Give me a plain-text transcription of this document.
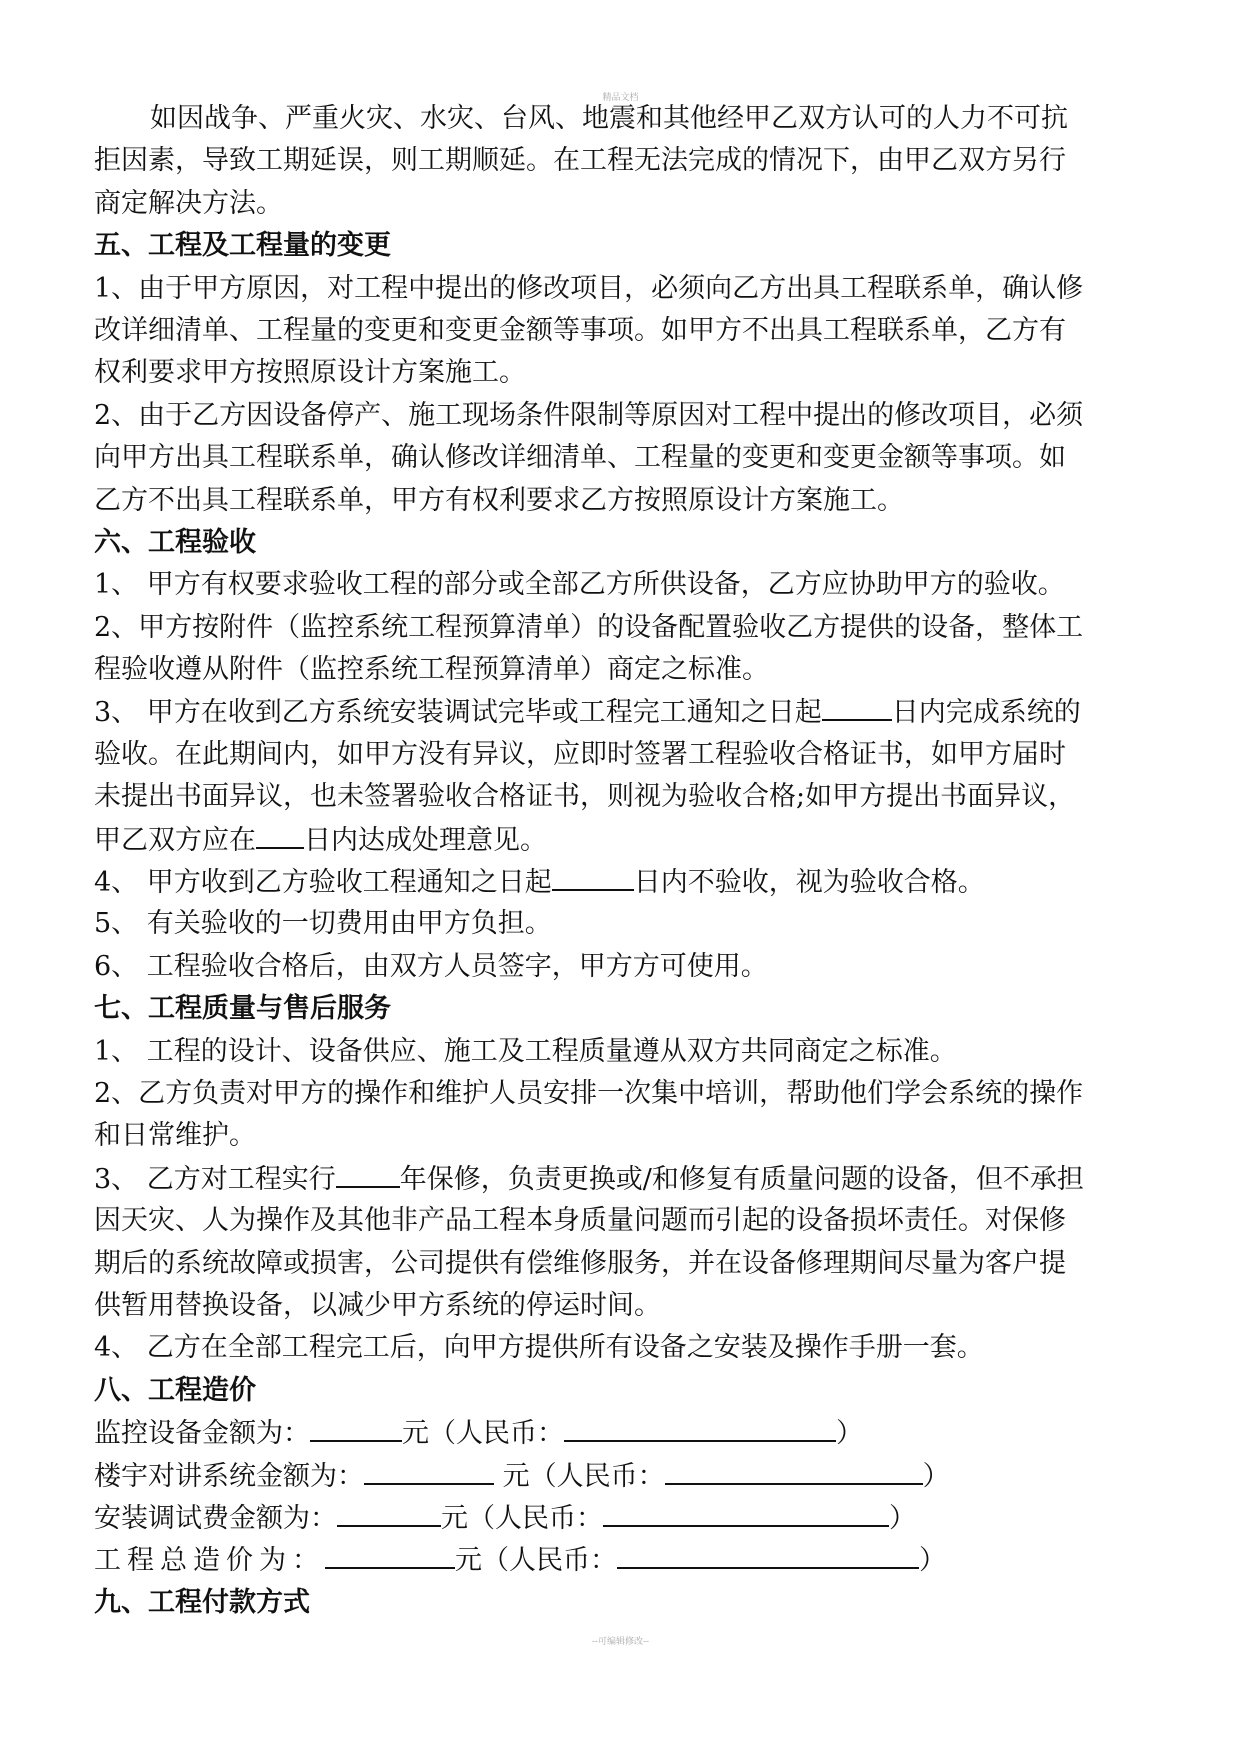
精品文档
如因战争、严重火灾、水灾、台风、地震和其他经甲乙双方认可的人力不可抗
拒因素，导致工期延误，则工期顺延。在工程无法完成的情况下，由甲乙双方另行
商定解决方法。
五、工程及工程量的变更
1、由于甲方原因，对工程中提出的修改项目，必须向乙方出具工程联系单，确认修
改详细清单、工程量的变更和变更金额等事项。如甲方不出具工程联系单，乙方有
权利要求甲方按照原设计方案施工。
2、由于乙方因设备停产、施工现场条件限制等原因对工程中提出的修改项目，必须
向甲方出具工程联系单，确认修改详细清单、工程量的变更和变更金额等事项。如
乙方不出具工程联系单，甲方有权利要求乙方按照原设计方案施工。
六、工程验收
1、 甲方有权要求验收工程的部分或全部乙方所供设备，乙方应协助甲方的验收。
2、甲方按附件（监控系统工程预算清单）的设备配置验收乙方提供的设备，整体工
程验收遵从附件（监控系统工程预算清单）商定之标准。
3、 甲方在收到乙方系统安装调试完毕或工程完工通知之日起	日内完成系统的
验收。在此期间内，如甲方没有异议，应即时签署工程验收合格证书，如甲方届时
未提出书面异议，也未签署验收合格证书，则视为验收合格;如甲方提出书面异议，
甲乙双方应在 日内达成处理意见。
4、 甲方收到乙方验收工程通知之日起	日内不验收，视为验收合格。
5、 有关验收的一切费用由甲方负担。
6、 工程验收合格后，由双方人员签字，甲方方可使用。
七、工程质量与售后服务
1、 工程的设计、设备供应、施工及工程质量遵从双方共同商定之标准。
2、乙方负责对甲方的操作和维护人员安排一次集中培训，帮助他们学会系统的操作
和日常维护。
3、 乙方对工程实行 年保修，负责更换或/和修复有质量问题的设备，但不承担
因天灾、人为操作及其他非产品工程本身质量问题而引起的设备损坏责任。对保修
期后的系统故障或损害，公司提供有偿维修服务，并在设备修理期间尽量为客户提
供暂用替换设备，以减少甲方系统的停运时间。
4、 乙方在全部工程完工后，向甲方提供所有设备之安装及操作手册一套。
八、工程造价
监控设备金额为：	元（人民币：	）
楼宇对讲系统金额为：	元（人民币：	）
安装调试费金额为：	元（人民币：	）
工程总造价为：	元（人民币：	）
九、工程付款方式
--可编辑修改--
